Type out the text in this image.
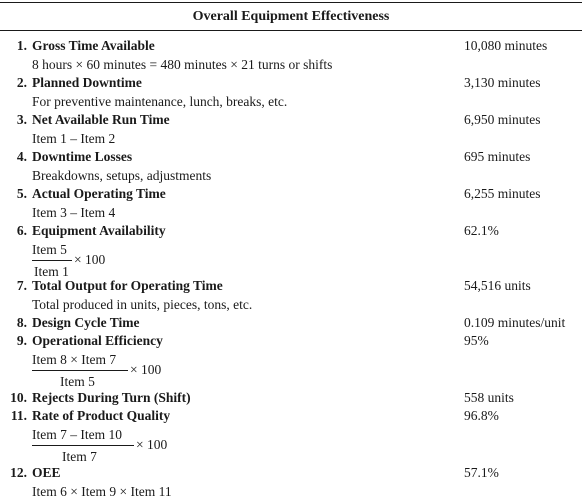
Overall Equipment Effectiveness
1. Gross Time Available	10,080 minutes
8 hours × 60 minutes = 480 minutes × 21 turns or shifts
2. Planned Downtime	3,130 minutes
For preventive maintenance, lunch, breaks, etc.
3. Net Available Run Time	6,950 minutes
Item 1 – Item 2
4. Downtime Losses	695 minutes
Breakdowns, setups, adjustments
5. Actual Operating Time	6,255 minutes
Item 3 – Item 4
6. Equipment Availability	62.1%
Item 5
Item 1
× 100
7. Total Output for Operating Time	54,516 units
Total produced in units, pieces, tons, etc.
8. Design Cycle Time	0.109 minutes/unit
9. Operational Efficiency	95%
Item 8 × Item 7
Item 5
× 100
10. Rejects During Turn (Shift)	558 units
11. Rate of Product Quality	96.8%
Item 7 – Item 10
Item 7
× 100
12. OEE	57.1%
Item 6 × Item 9 × Item 11
